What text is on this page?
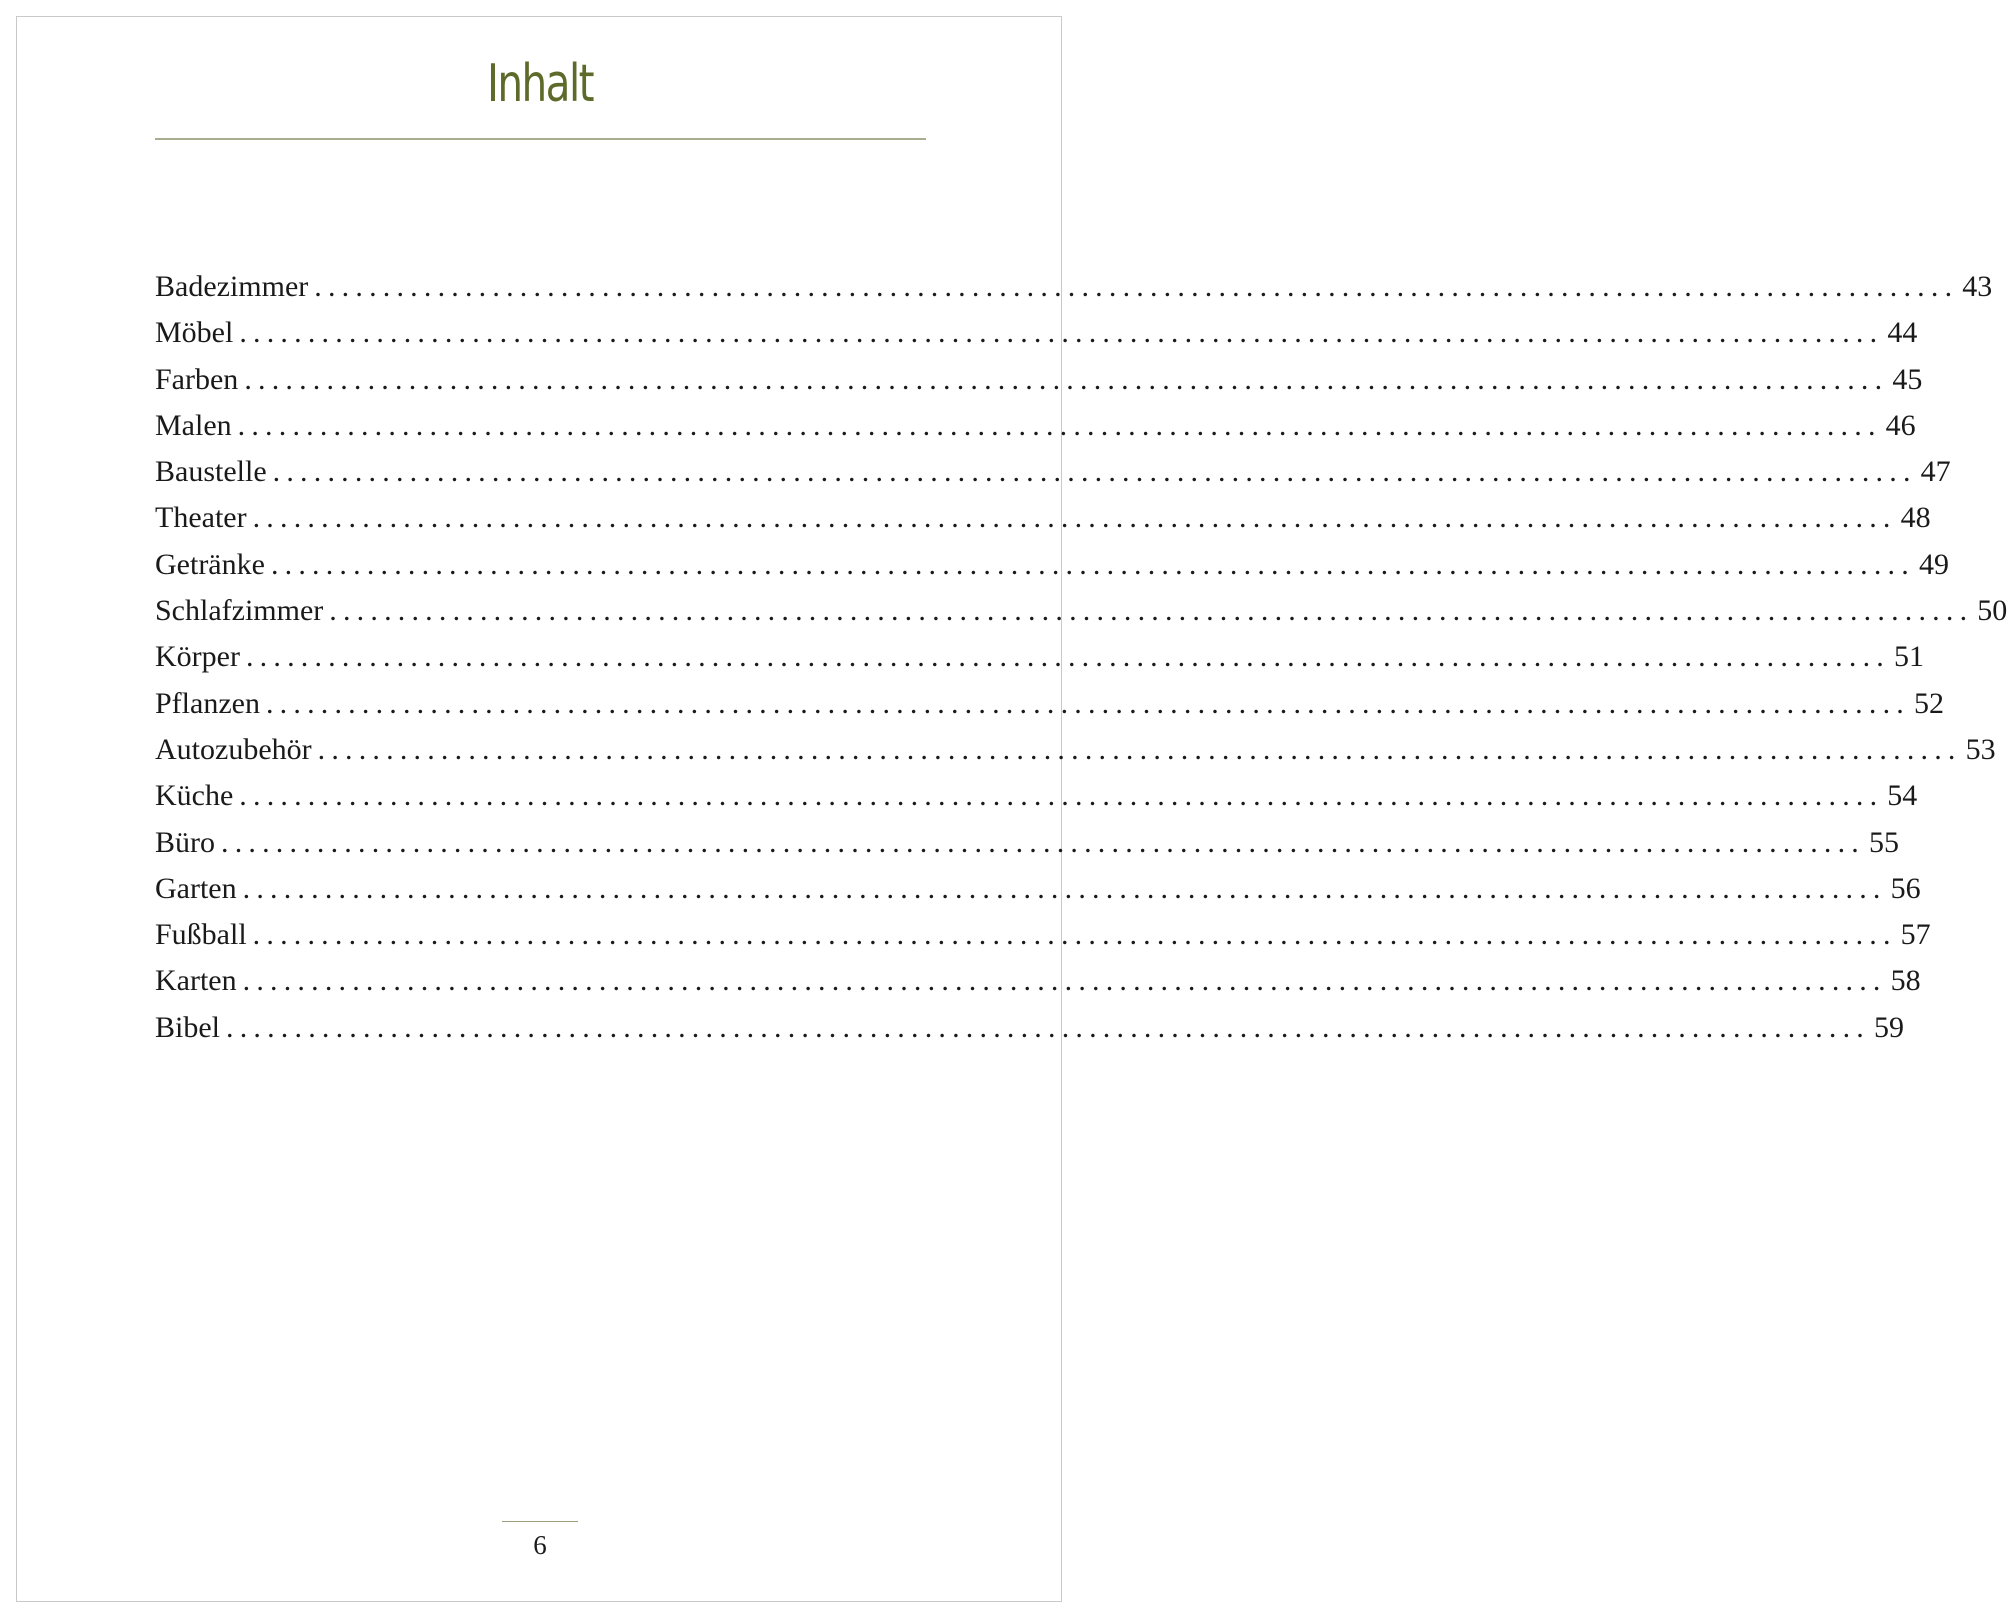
Inhalt
Badezimmer ........................................................................................................................ 43
Möbel ........................................................................................................................ 44
Farben ........................................................................................................................ 45
Malen ........................................................................................................................ 46
Baustelle ........................................................................................................................ 47
Theater ........................................................................................................................ 48
Getränke ........................................................................................................................ 49
Schlafzimmer ........................................................................................................................ 50
Körper ........................................................................................................................ 51
Pflanzen ........................................................................................................................ 52
Autozubehör ........................................................................................................................ 53
Küche ........................................................................................................................ 54
Büro ........................................................................................................................ 55
Garten ........................................................................................................................ 56
Fußball ........................................................................................................................ 57
Karten ........................................................................................................................ 58
Bibel ........................................................................................................................ 59
6
